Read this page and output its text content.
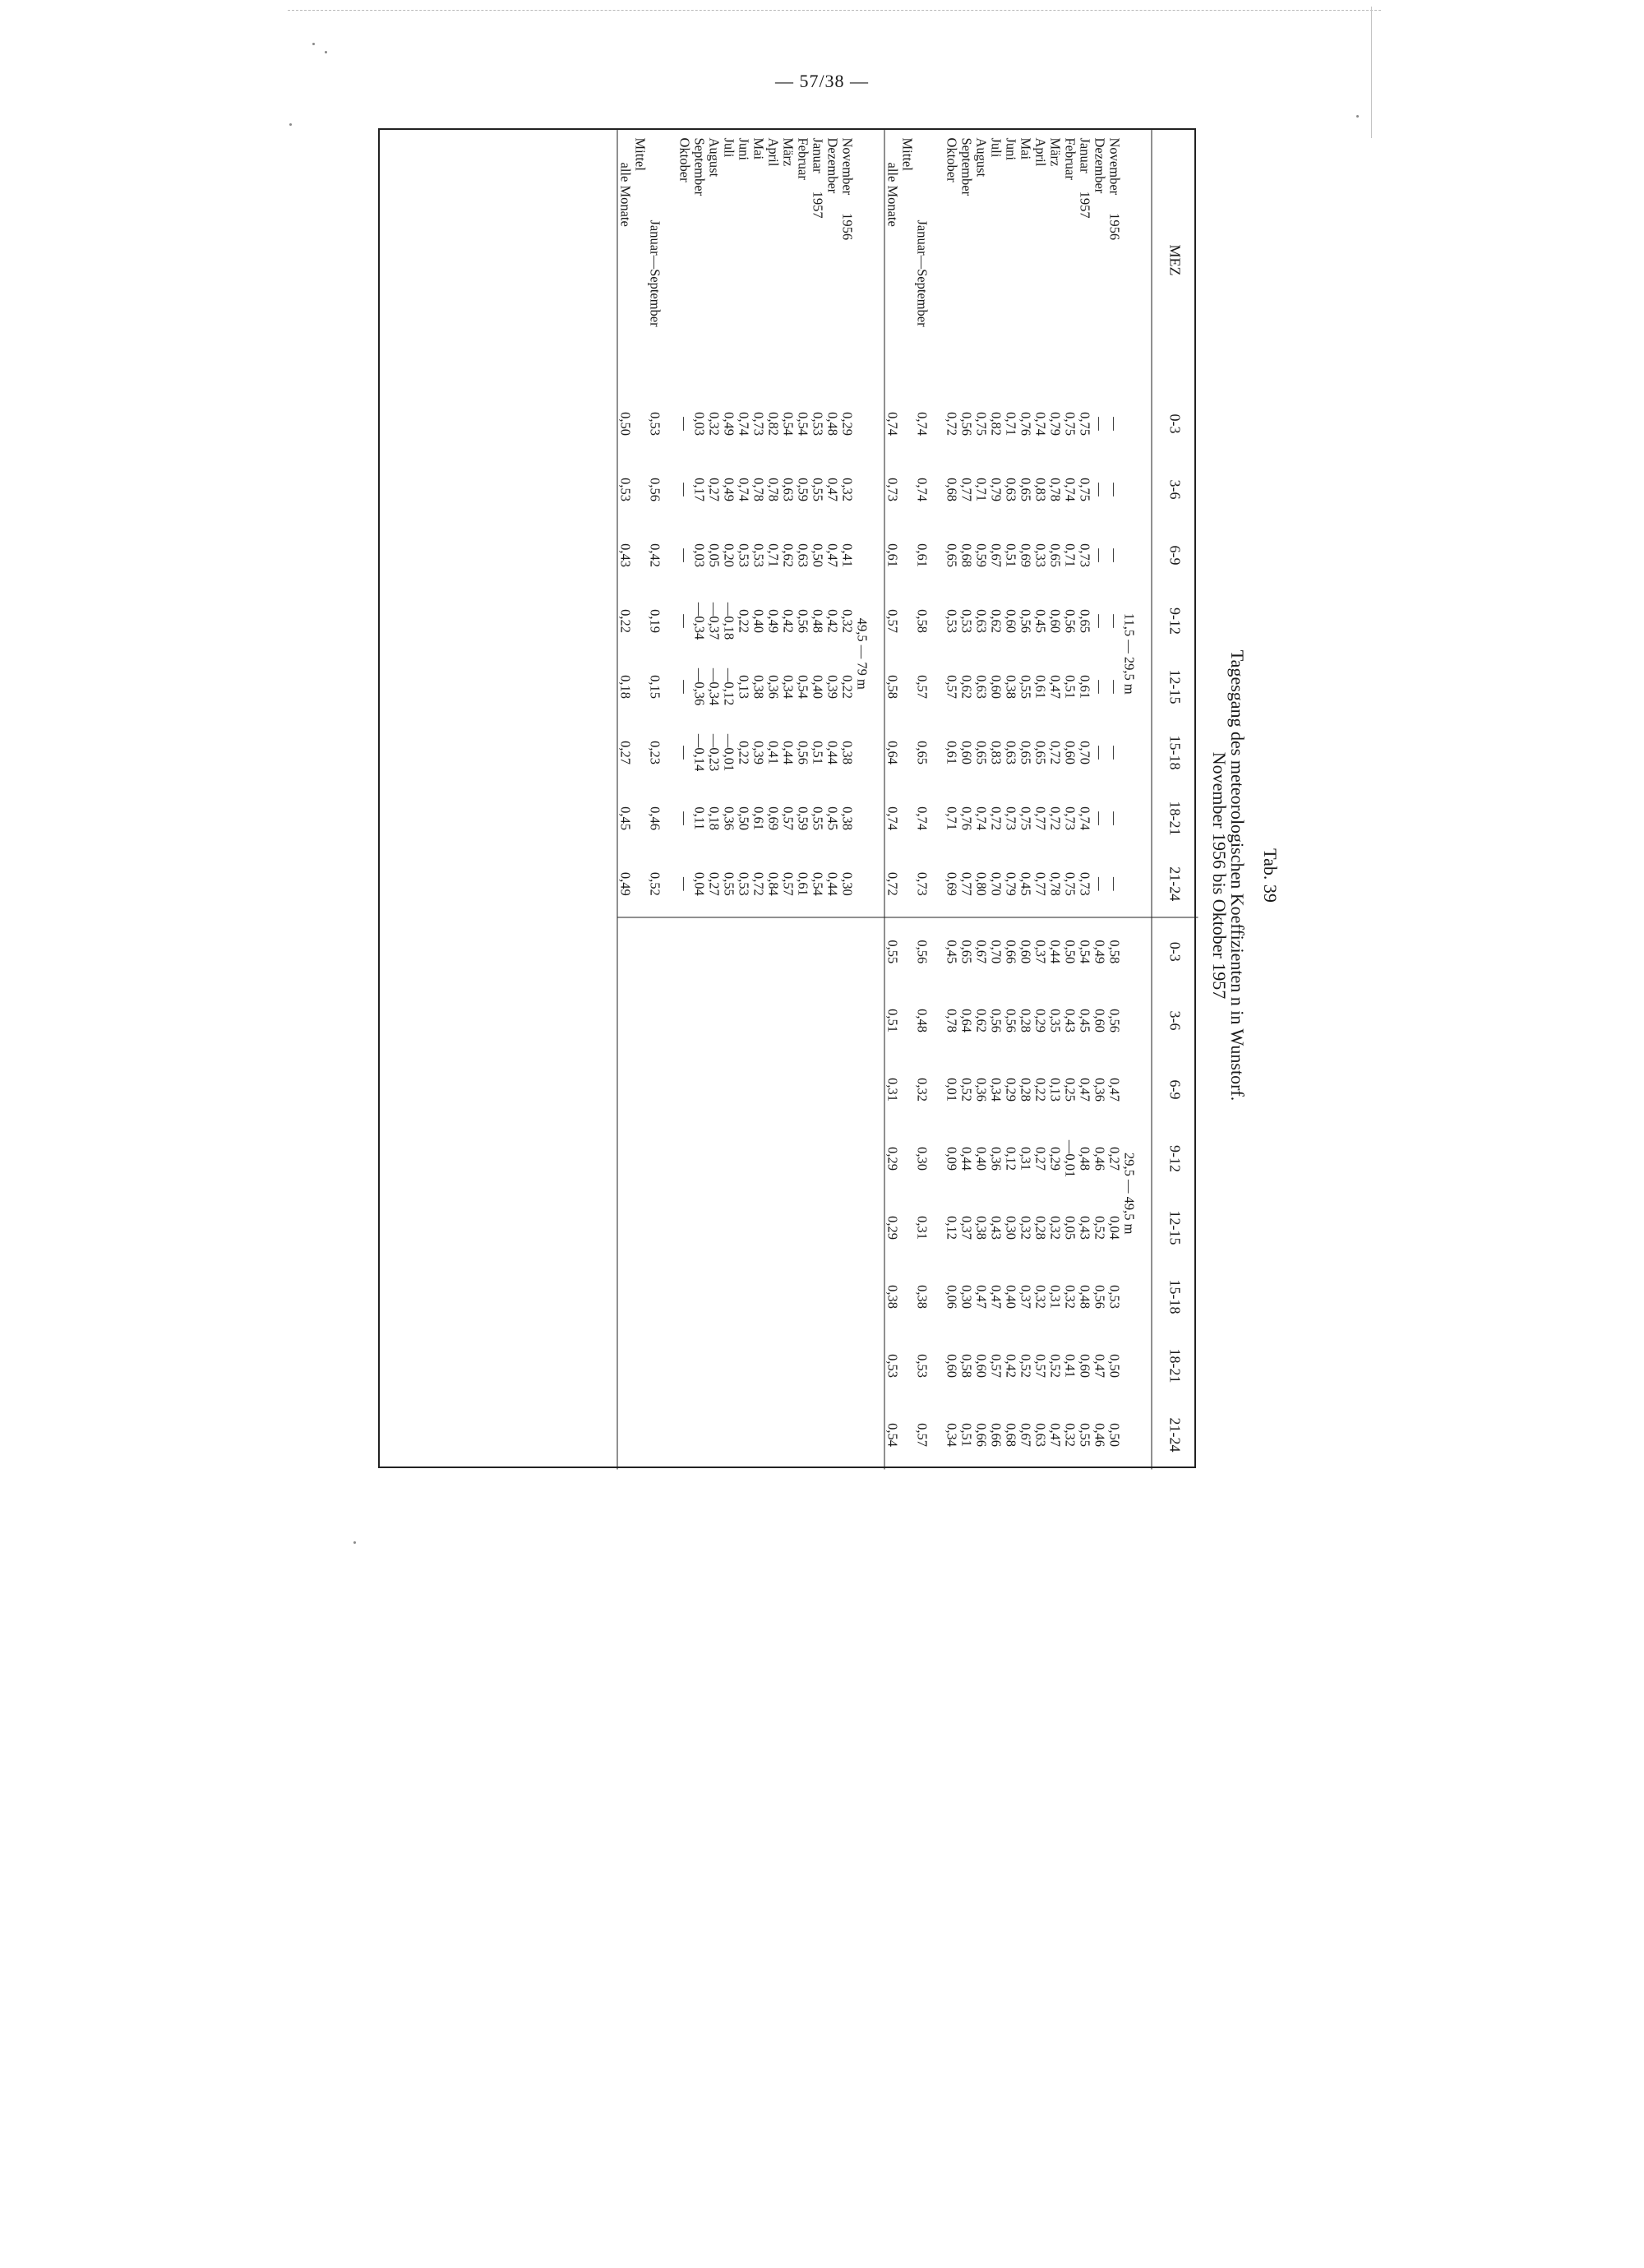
— 57/38 —
Tab. 39
Tagesgang des meteorologischen Koeffizienten n in Wunstorf.
November 1956 bis Oktober 1957
MEZ	0-3	3-6	6-9	9-12	12-15	15-18	18-21	21-24	0-3	3-6	6-9	9-12	12-15	15-18	18-21	21-24

	11,5 — 29,5 m								29,5 — 49,5 m							
November1956	—	—	—	—	—	—	—	—	0,58	0,56	0,47	0,27	0,04	0,53	0,50	0,50
Dezember	—	—	—	—	—	—	—	—	0,49	0,60	0,36	0,46	0,52	0,56	0,47	0,46
Januar1957	0,75	0,75	0,73	0,65	0,61	0,70	0,74	0,73	0,54	0,45	0,47	0,48	0,43	0,48	0,60	0,55
Februar	0,75	0,74	0,71	0,56	0,51	0,60	0,73	0,75	0,50	0,43	0,25	—0,01	0,05	0,32	0,41	0,32
März	0,79	0,78	0,65	0,60	0,47	0,72	0,72	0,78	0,44	0,35	0,13	0,29	0,32	0,31	0,52	0,47
April	0,74	0,83	0,33	0,45	0,61	0,65	0,77	0,77	0,37	0,29	0,22	0,27	0,28	0,32	0,57	0,63
Mai	0,76	0,65	0,69	0,56	0,55	0,65	0,75	0,45	0,60	0,28	0,28	0,31	0,32	0,37	0,52	0,67
Juni	0,71	0,63	0,51	0,60	0,38	0,63	0,73	0,79	0,66	0,56	0,29	0,12	0,30	0,40	0,42	0,68
Juli	0,82	0,79	0,67	0,62	0,60	0,83	0,72	0,70	0,70	0,56	0,34	0,36	0,43	0,47	0,57	0,66
August	0,75	0,71	0,59	0,63	0,63	0,65	0,74	0,80	0,67	0,62	0,36	0,40	0,38	0,47	0,60	0,66
September	0,56	0,77	0,68	0,53	0,62	0,60	0,76	0,77	0,65	0,64	0,52	0,44	0,37	0,30	0,58	0,51
Oktober	0,72	0,68	0,65	0,53	0,57	0,61	0,71	0,69	0,45	0,78	0,01	0,09	0,12	0,06	0,60	0,34

Januar—September	0,74	0,74	0,61	0,58	0,57	0,65	0,74	0,73	0,56	0,48	0,32	0,30	0,31	0,38	0,53	0,57
Mittel																
alle Monate	0,74	0,73	0,61	0,57	0,58	0,64	0,74	0,72	0,55	0,51	0,31	0,29	0,29	0,38	0,53	0,54

	49,5 — 79 m															
November1956	0,29	0,32	0,41	0,32	0,22	0,38	0,38	0,30								
Dezember	0,48	0,47	0,47	0,42	0,39	0,44	0,45	0,44								
Januar1957	0,53	0,55	0,50	0,48	0,40	0,51	0,55	0,54								
Februar	0,54	0,59	0,63	0,56	0,54	0,56	0,59	0,61								
März	0,54	0,63	0,62	0,42	0,34	0,44	0,57	0,57								
April	0,82	0,78	0,71	0,49	0,36	0,41	0,69	0,84								
Mai	0,73	0,78	0,53	0,40	0,38	0,39	0,61	0,72								
Juni	0,74	0,74	0,53	0,22	0,13	0,22	0,50	0,53								
Juli	0,49	0,49	0,20	—0,18	—0,12	—0,01	0,36	0,55								
August	0,32	0,27	0,05	—0,37	—0,34	—0,23	0,18	0,27								
September	0,03	0,17	0,03	—0,34	—0,36	—0,14	0,11	0,04								
Oktober	—	—	—	—	—	—	—	—								

Januar—September	0,53	0,56	0,42	0,19	0,15	0,23	0,46	0,52								
Mittel																
alle Monate	0,50	0,53	0,43	0,22	0,18	0,27	0,45	0,49								
